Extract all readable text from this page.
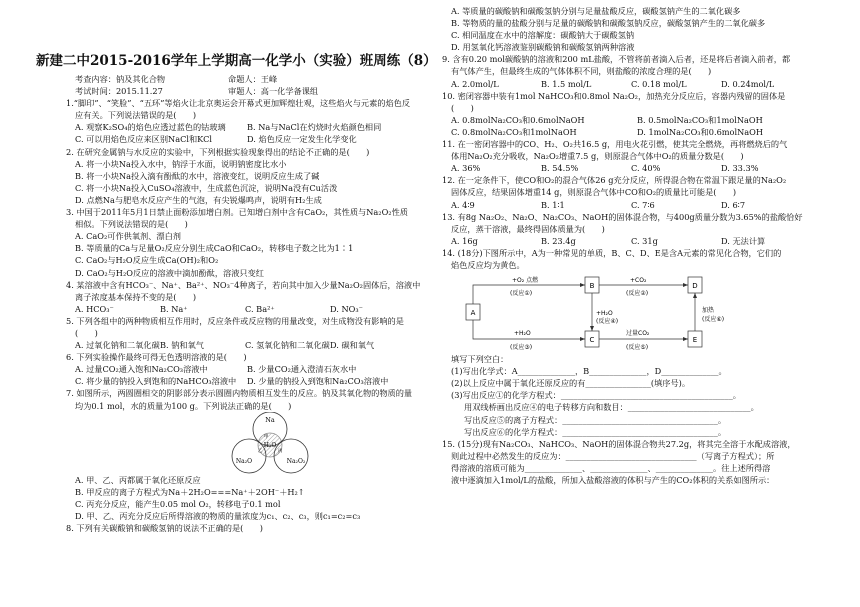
新建二中2015-2016学年上学期高一化学小（实验）班周练（8）
考查内容：钠及其化合物	命题人：王峰
考试时间：2015.11.27	审题人：高一化学备课组
1.“脚印”、“笑脸”、“五环”等焰火让北京奥运会开幕式更加辉煌壮观，这些焰火与元素的焰色反
应有关。下列说法错误的是(　　)
A. 观察K₂SO₄的焰色应透过蓝色的钴玻璃	B. Na与NaCl在灼烧时火焰颜色相同
C. 可以用焰色反应来区别NaCl和KCl	D. 焰色反应一定发生化学变化
2. 在研究金属钠与水反应的实验中，下列根据实验现象得出的结论不正确的是(　　)
A. 将一小块Na投入水中，钠浮于水面，说明钠密度比水小
B. 将一小块Na投入滴有酚酞的水中，溶液变红，说明反应生成了碱
C. 将一小块Na投入CuSO₄溶液中，生成蓝色沉淀，说明Na没有Cu活泼
D. 点燃Na与肥皂水反应产生的气泡，有尖锐爆鸣声，说明有H₂生成
3. 中国于2011年5月1日禁止面粉添加增白剂。已知增白剂中含有CaO₂，其性质与Na₂O₂性质
相似。下列说法错误的是(　　)
A. CaO₂可作供氧剂、漂白剂
B. 等质量的Ca与足量O₂反应分别生成CaO和CaO₂，转移电子数之比为1∶1
C. CaO₂与H₂O反应生成Ca(OH)₂和O₂
D. CaO₂与H₂O反应的溶液中滴加酚酞，溶液只变红
4. 某溶液中含有HCO₃⁻、Na⁺、Ba²⁺、NO₃⁻4种离子，若向其中加入少量Na₂O₂固体后，溶液中
离子浓度基本保持不变的是(　　)
A. HCO₃⁻	B. Na⁺	C. Ba²⁺	D. NO₃⁻
5. 下列各组中的两种物质相互作用时，反应条件或反应物的用量改变，对生成物没有影响的是
(　　)
A. 过氧化钠和二氧化碳 B. 钠和氧气	C. 氢氧化钠和二氧化碳 D. 碳和氧气
6. 下列实验操作最终可得无色透明溶液的是(　　)
A. 过量CO₂通入饱和Na₂CO₃溶液中	B. 少量CO₂通入澄清石灰水中
C. 将少量的钠投入到饱和的NaHCO₃溶液中	D. 少量的钠投入到饱和Na₂CO₃溶液中
7. 如图所示，两圆圈相交的阴影部分表示圆圈内物质相互发生的反应。钠及其氧化物的物质的量
均为0.1 mol，水的质量为100 g。下列说法正确的是(　　)
Na
H₂O
Na₂O	Na₂O₂
甲
乙	丙
A. 甲、乙、丙都属于氧化还原反应
B. 甲反应的离子方程式为Na＋2H₂O===Na⁺＋2OH⁻＋H₂↑
C. 丙充分反应，能产生0.05 mol O₂，转移电子0.1 mol
D. 甲、乙、丙充分反应后所得溶液的物质的量浓度为c₁、c₂、c₃，则c₁=c₂=c₃
8. 下列有关碳酸钠和碳酸氢钠的说法不正确的是(　　)
A. 等质量的碳酸钠和碳酸氢钠分别与足量盐酸反应，碳酸氢钠产生的二氧化碳多
B. 等物质的量的盐酸分别与足量的碳酸钠和碳酸氢钠反应，碳酸氢钠产生的二氧化碳多
C. 相同温度在水中的溶解度：碳酸钠大于碳酸氢钠
D. 用氢氧化钙溶液鉴别碳酸钠和碳酸氢钠两种溶液
9. 含有0.20 mol碳酸钠的溶液和200 mL盐酸，不管将前者滴入后者，还是将后者滴入前者，都
有气体产生，但最终生成的气体体积不同，则盐酸的浓度合理的是(　　)
A. 2.0mol/L	B. 1.5 mol/L	C. 0.18 mol/L	D. 0.24mol/L
10. 密闭容器中装有1mol NaHCO₃和0.8mol Na₂O₂，加热充分反应后，容器内残留的固体是
(　　)
A. 0.8molNa₂CO₃和0.6molNaOH	B. 0.5molNa₂CO₃和1molNaOH
C. 0.8molNa₂CO₃和1molNaOH	D. 1molNa₂CO₃和0.6molNaOH
11. 在一密闭容器中的CO、H₂、O₂共16.5 g，用电火花引燃，使其完全燃烧，再将燃烧后的气
体用Na₂O₂充分吸收，Na₂O₂增重7.5 g，则原混合气体中O₂的质量分数是(　　)
A. 36%	B. 54.5%	C. 40%	D. 33.3%
12. 在一定条件下，使CO和O₂的混合气体26 g充分反应，所得混合物在常温下跟足量的Na₂O₂
固体反应，结果固体增重14 g，则原混合气体中CO和O₂的质量比可能是(　　)
A. 4∶9	B. 1∶1	C. 7∶6	D. 6∶7
13. 有8g Na₂O₂、Na₂O、Na₂CO₃、NaOH的固体混合物，与400g质量分数为3.65%的盐酸恰好
反应，蒸干溶液，最终得固体质量为(　　)
A. 16g	B. 23.4g	C. 31g	D. 无法计算
14. (18分)下图所示中，A为一种常见的单质，B、C、D、E是含A元素的常见化合物，它们的
焰色反应均为黄色。
A
B
C
D
E
+O₂ 点燃	+CO₂
+H₂O
+H₂O
过量CO₂
加热
(反应①)	(反应②)
(反应③)
(反应④)
(反应⑤)
(反应⑥)
填写下列空白：
(1)写出化学式：A______________，B______________，D______________。
(2)以上反应中属于氧化还原反应的有________________(填序号)。
(3)写出反应①的化学方程式：__________________________________________。
用双线桥画出反应④的电子转移方向和数目：______________________________。
写出反应⑤的离子方程式：______________________________________。
写出反应⑥的化学方程式：______________________________________。
15. (15分)现有Na₂CO₃、NaHCO₃、NaOH的固体混合物共27.2g，将其完全溶于水配成溶液，
则此过程中必然发生的反应为：________________________________（写离子方程式）；所
得溶液的溶质可能为______________、______________、______________。往上述所得溶
液中逐滴加入1mol/L的盐酸，所加入盐酸溶液的体积与产生的CO₂体积的关系如图所示：
